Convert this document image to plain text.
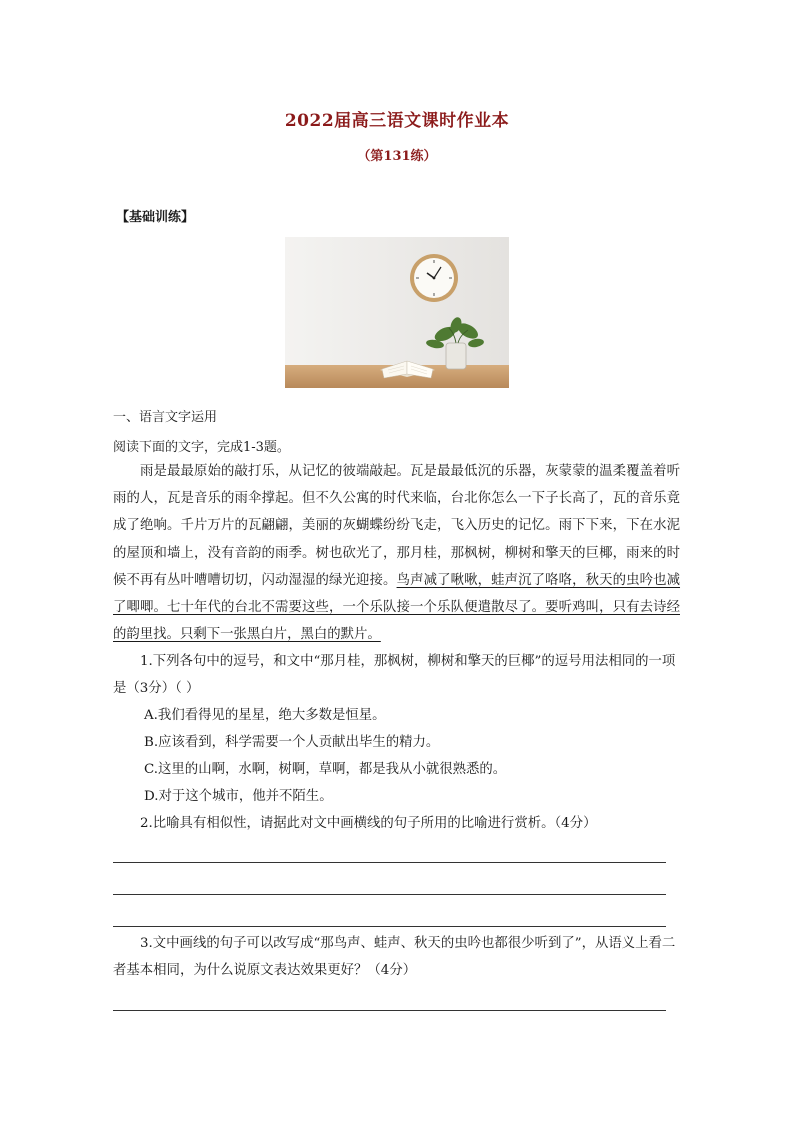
2022届高三语文课时作业本
（第131练）
【基础训练】
一、语言文字运用
阅读下面的文字，完成1-3题。

雨是最最原始的敲打乐，从记忆的彼端敲起。瓦是最最低沉的乐器，灰蒙蒙的温柔覆盖着听雨的人，瓦是音乐的雨伞撑起。但不久公寓的时代来临，台北你怎么一下子长高了，瓦的音乐竟成了绝响。千片万片的瓦翩翩，美丽的灰蝴蝶纷纷飞走，飞入历史的记忆。雨下下来，下在水泥的屋顶和墙上，没有音韵的雨季。树也砍光了，那月桂，那枫树，柳树和擎天的巨椰，雨来的时候不再有丛叶嘈嘈切切，闪动湿湿的绿光迎接。鸟声减了啾啾，蛙声沉了咯咯，秋天的虫吟也减了唧唧。七十年代的台北不需要这些，一个乐队接一个乐队便遣散尽了。要听鸡叫，只有去诗经的韵里找。只剩下一张黑白片，黑白的默片。

1.下列各句中的逗号，和文中“那月桂，那枫树，柳树和擎天的巨椰”的逗号用法相同的一项是（3分）（ ）

A.我们看得见的星星，绝大多数是恒星。
B.应该看到，科学需要一个人贡献出毕生的精力。
C.这里的山啊，水啊，树啊，草啊，都是我从小就很熟悉的。
D.对于这个城市，他并不陌生。

2.比喻具有相似性，请据此对文中画横线的句子所用的比喻进行赏析。（4分）

3.文中画线的句子可以改写成“那鸟声、蛙声、秋天的虫吟也都很少听到了”，从语义上看二者基本相同，为什么说原文表达效果更好？（4分）
